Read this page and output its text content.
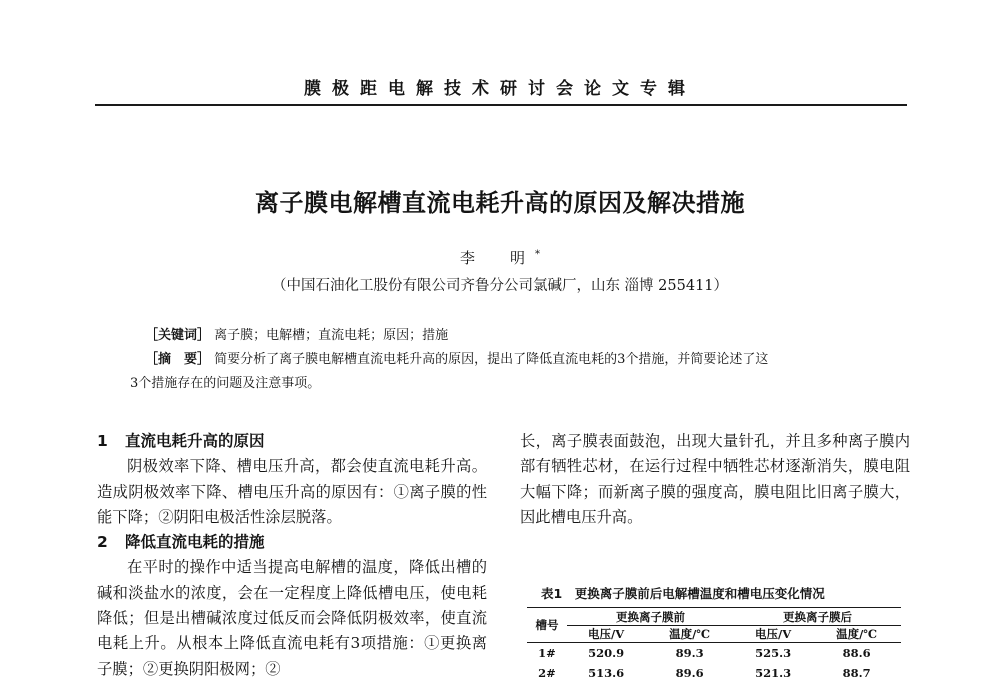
膜极距电解技术研讨会论文专辑
离子膜电解槽直流电耗升高的原因及解决措施
李　明*
（中国石油化工股份有限公司齐鲁分公司氯碱厂，山东 淄博 255411）
［关键词］ 离子膜；电解槽；直流电耗；原因；措施
［摘　要］ 简要分析了离子膜电解槽直流电耗升高的原因，提出了降低直流电耗的3个措施，并简要论述了这
3个措施存在的问题及注意事项。
1 直流电耗升高的原因

阴极效率下降、槽电压升高，都会使直流电耗升高。造成阴极效率下降、槽电压升高的原因有：①离子膜的性能下降；②阴阳电极活性涂层脱落。

2 降低直流电耗的措施

在平时的操作中适当提高电解槽的温度，降低出槽的碱和淡盐水的浓度，会在一定程度上降低槽电压，使电耗降低；但是出槽碱浓度过低反而会降低阴极效率，使直流电耗上升。从根本上降低直流电耗有3项措施：①更换离子膜；②更换阴阳极网；②

长，离子膜表面鼓泡，出现大量针孔，并且多种离子膜内部有牺牲芯材，在运行过程中牺牲芯材逐渐消失，膜电阻大幅下降；而新离子膜的强度高，膜电阻比旧离子膜大，因此槽电压升高。

表1　更换离子膜前后电解槽温度和槽电压变化情况
槽号	更换离子膜前		更换离子膜后	
	电压/V	温度/℃	电压/V	温度/℃
1#	520.9	89.3	525.3	88.6
2#	513.6	89.6	521.3	88.7
